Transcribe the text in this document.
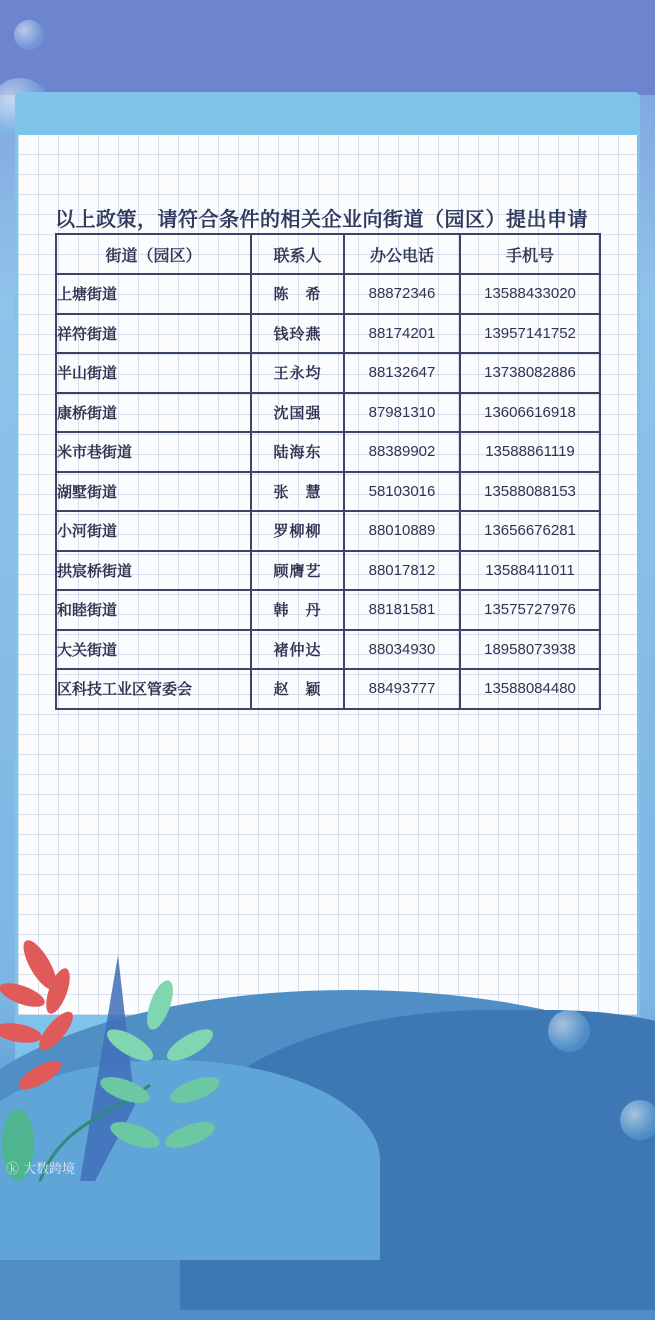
以上政策，请符合条件的相关企业向街道（园区）提出申请
街道（园区）	联系人	办公电话	手机号
上塘街道	陈　希	88872346	13588433020
祥符街道	钱玲燕	88174201	13957141752
半山街道	王永均	88132647	13738082886
康桥街道	沈国强	87981310	13606616918
米市巷街道	陆海东	88389902	13588861119
湖墅街道	张　慧	58103016	13588088153
小河街道	罗柳柳	88010889	13656676281
拱宸桥街道	顾膺艺	88017812	13588411011
和睦街道	韩　丹	88181581	13575727976
大关街道	褚仲达	88034930	18958073938
区科技工业区管委会	赵　颖	88493777	13588084480
ⓚ 大数跨境
